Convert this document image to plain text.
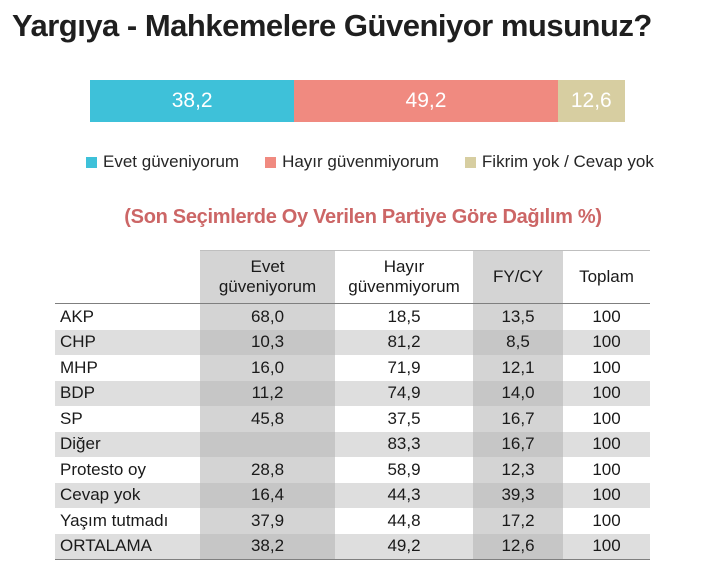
Yargıya - Mahkemelere Güveniyor musunuz?
38,2	49,2	12,6
Evet güveniyorum	Hayır güvenmiyorum	Fikrim yok / Cevap yok
(Son Seçimlerde Oy Verilen Partiye Göre Dağılım %)
	Evet güveniyorum	Hayır güvenmiyorum	FY/CY	Toplam
AKP	68,0	18,5	13,5	100
CHP	10,3	81,2	8,5	100
MHP	16,0	71,9	12,1	100
BDP	11,2	74,9	14,0	100
SP	45,8	37,5	16,7	100
Diğer		83,3	16,7	100
Protesto oy	28,8	58,9	12,3	100
Cevap yok	16,4	44,3	39,3	100
Yaşım tutmadı	37,9	44,8	17,2	100
ORTALAMA	38,2	49,2	12,6	100
